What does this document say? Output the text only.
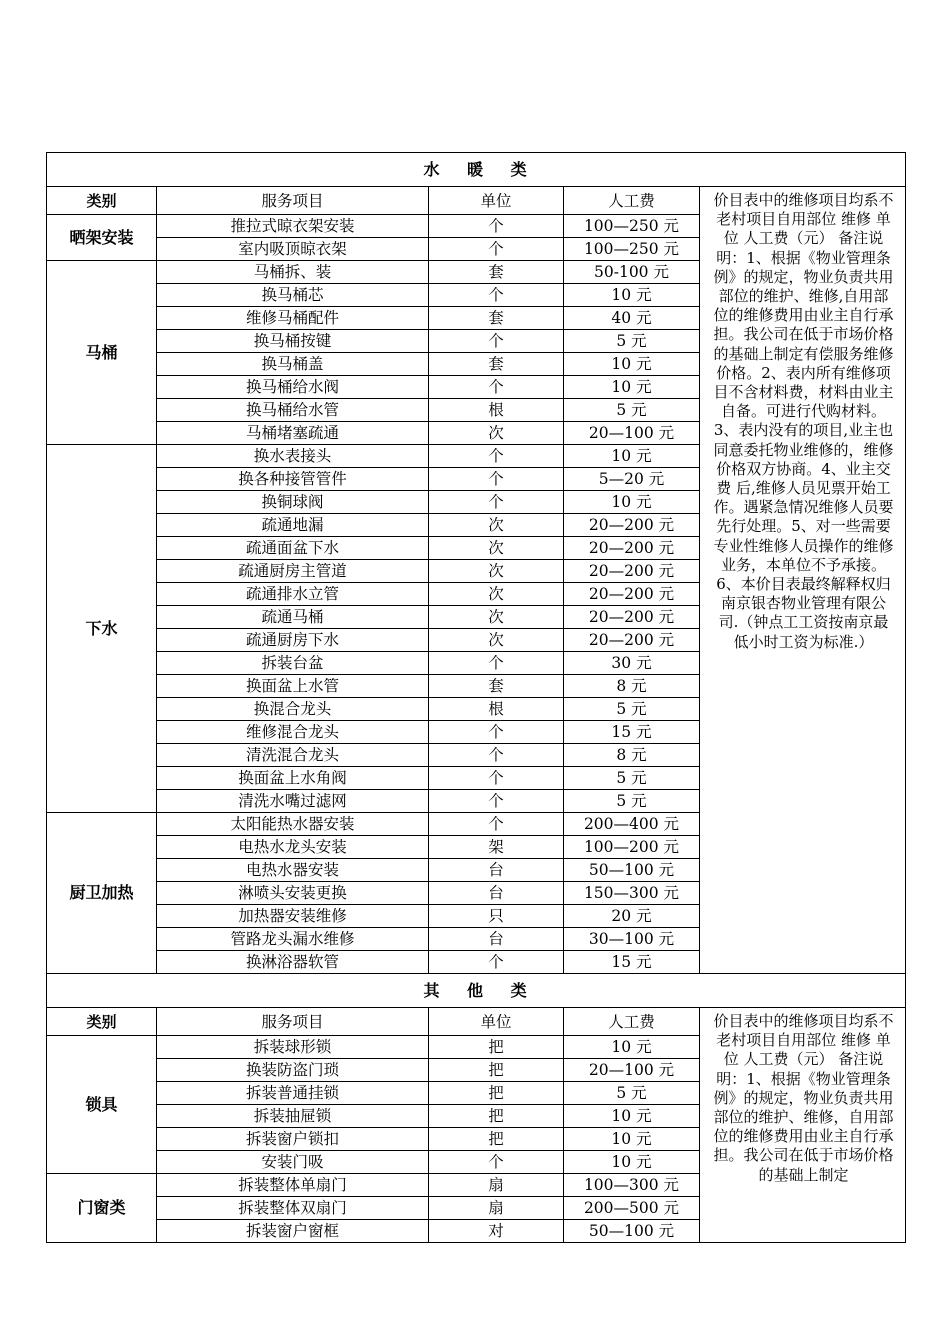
水 暖 类				
类别	服务项目	单位	人工费	价目表中的维修项目均系不老村项目自用部位 维修 单位 人工费（元） 备注说明：1、根据《物业管理条例》的规定，物业负责共用部位的维护、维修,自用部位的维修费用由业主自行承担。我公司在低于市场价格的基础上制定有偿服务维修价格。2、表内所有维修项目不含材料费，材料由业主自备。可进行代购材料。 3、表内没有的项目,业主也同意委托物业维修的，维修价格双方协商。4、业主交费 后,维修人员见票开始工作。遇紧急情况维修人员要先行处理。5、对一些需要专业性维修人员操作的维修业务，本单位不予承接。6、本价目表最终解释权归南京银杏物业管理有限公司.（钟点工工资按南京最低小时工资为标准.）
晒架安装	推拉式晾衣架安装	个	100—250 元	
	室内吸顶晾衣架	个	100—250 元	
马桶	马桶拆、装	套	50-100 元	
	换马桶芯	个	10 元	
	维修马桶配件	套	40 元	
	换马桶按键	个	5 元	
	换马桶盖	套	10 元	
	换马桶给水阀	个	10 元	
	换马桶给水管	根	5 元	
	马桶堵塞疏通	次	20—100 元	
下水	换水表接头	个	10 元	
	换各种接管管件	个	5—20 元	
	换铜球阀	个	10 元	
	疏通地漏	次	20—200 元	
	疏通面盆下水	次	20—200 元	
	疏通厨房主管道	次	20—200 元	
	疏通排水立管	次	20—200 元	
	疏通马桶	次	20—200 元	
	疏通厨房下水	次	20—200 元	
	拆装台盆	个	30 元	
	换面盆上水管	套	8 元	
	换混合龙头	根	5 元	
	维修混合龙头	个	15 元	
	清洗混合龙头	个	8 元	
	换面盆上水角阀	个	5 元	
	清洗水嘴过滤网	个	5 元	
厨卫加热	太阳能热水器安装	个	200—400 元	
	电热水龙头安装	架	100—200 元	
	电热水器安装	台	50—100 元	
	淋喷头安装更换	台	150—300 元	
	加热器安装维修	只	20 元	
	管路龙头漏水维修	台	30—100 元	
	换淋浴器软管	个	15 元	
其 他 类				
类别	服务项目	单位	人工费	价目表中的维修项目均系不老村项目自用部位 维修 单位 人工费（元） 备注说明：1、根据《物业管理条例》的规定，物业负责共用部位的维护、维修，自用部位的维修费用由业主自行承担。我公司在低于市场价格的基础上制定
锁具	拆装球形锁	把	10 元	
	换装防盗门琐	把	20—100 元	
	拆装普通挂锁	把	5 元	
	拆装抽屉锁	把	10 元	
	拆装窗户锁扣	把	10 元	
	安装门吸	个	10 元	
门窗类	拆装整体单扇门	扇	100—300 元	
	拆装整体双扇门	扇	200—500 元	
	拆装窗户窗框	对	50—100 元	
